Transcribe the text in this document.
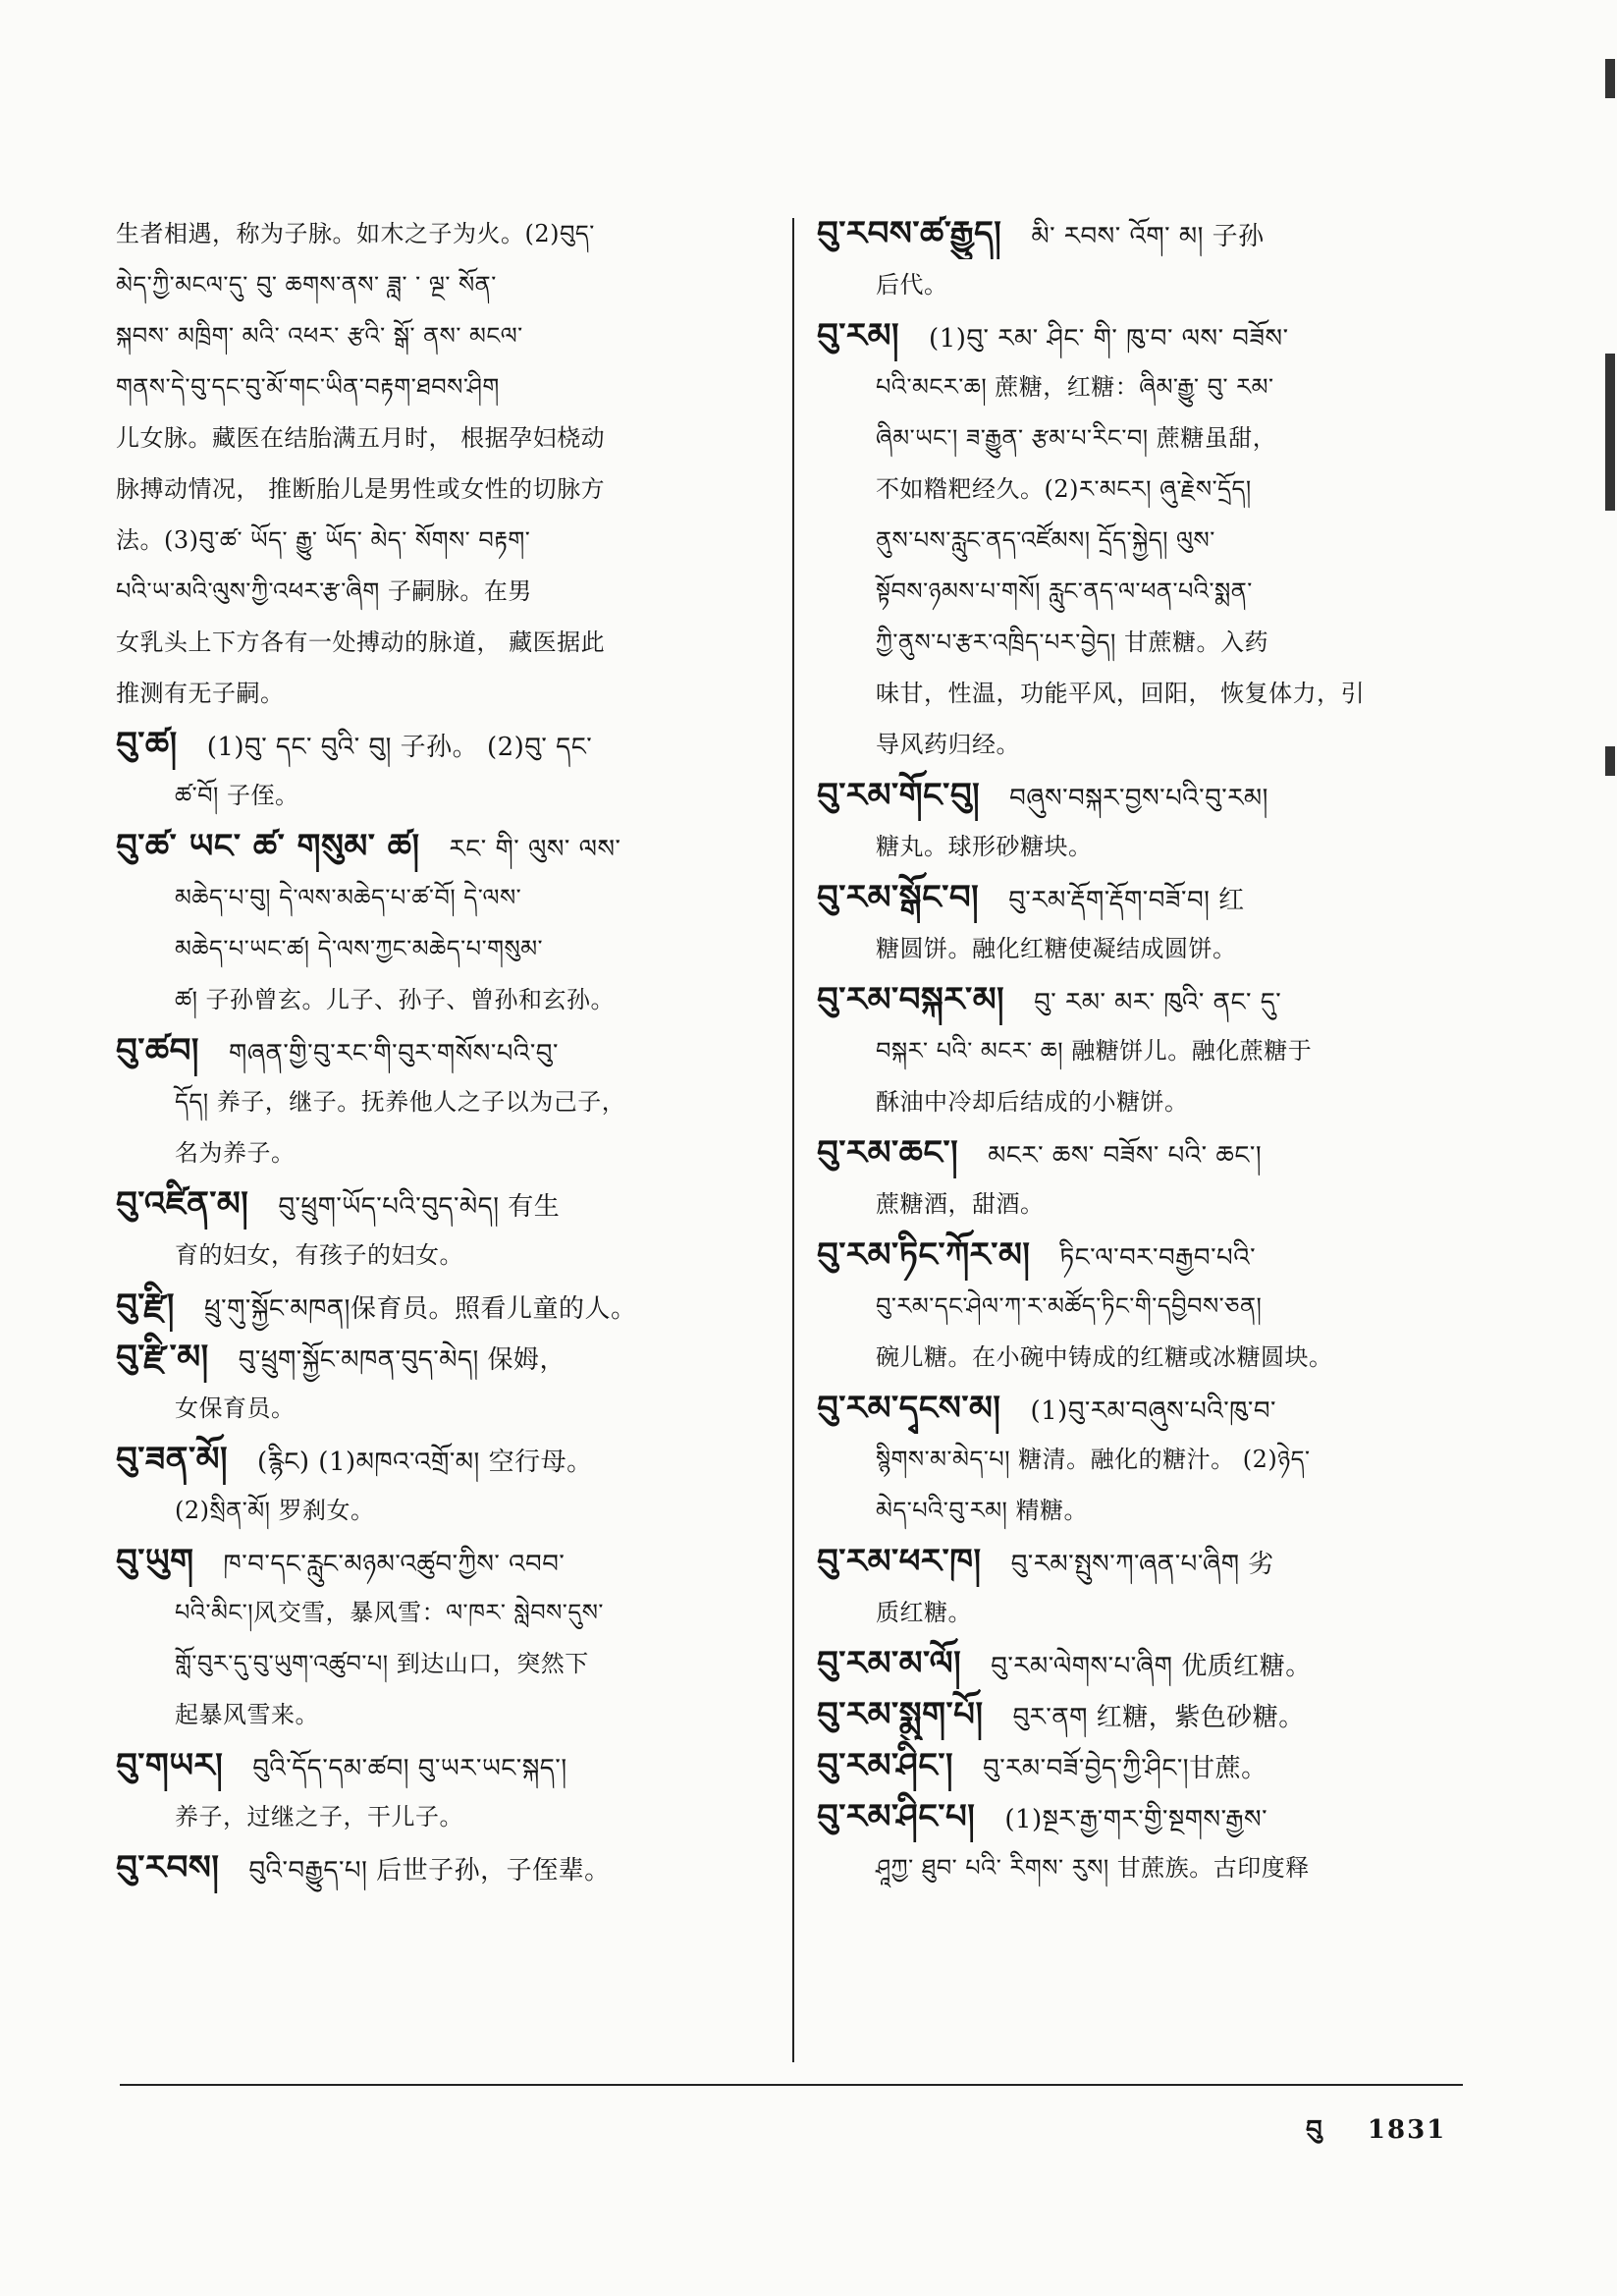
生者相遇，称为子脉。如木之子为火。(2)བུད་
མེད་ཀྱི་མངལ་དུ་ བུ་ ཆགས་ནས་ ཟླ་ ་ ལྔ་ སོན་
སྐབས་ མཁྲིག་ མའི་ འཕར་ རྩའི་ སྒོ་ ནས་ མངལ་
གནས་དེ་བུ་དང་བུ་མོ་གང་ཡིན་བརྟག་ཐབས་ཤིག
儿女脉。藏医在结胎满五月时， 根据孕妇桡动
脉搏动情况， 推断胎儿是男性或女性的切脉方
法。(3)བུ་ཚ་ ཡོད་ རྒྱུ་ ཡོད་ མེད་ སོགས་ བརྟག་
པའི་ཡ་མའི་ལུས་ཀྱི་འཕར་རྩ་ཞིག 子嗣脉。在男
女乳头上下方各有一处搏动的脉道， 藏医据此
推测有无子嗣。
བུ་ཚ། (1)བུ་ དང་ བུའི་ བུ། 子孙。 (2)བུ་ དང་
ཚ་བོ། 子侄。
བུ་ཚ་ ཡང་ ཚ་ གསུམ་ ཚ། རང་ གི་ ལུས་ ལས་
མཆེད་པ་བུ། དེ་ལས་མཆེད་པ་ཚ་བོ། དེ་ལས་
མཆེད་པ་ཡང་ཚ། དེ་ལས་ཀྱང་མཆེད་པ་གསུམ་
ཚ། 子孙曾玄。儿子、孙子、曾孙和玄孙。
བུ་ཚབ། གཞན་གྱི་བུ་རང་གི་བུར་གསོས་པའི་བུ་
དོད། 养子，继子。抚养他人之子以为己子，
名为养子。
བུ་འཛིན་མ། བུ་ཕྲུག་ཡོད་པའི་བུད་མེད། 有生
育的妇女，有孩子的妇女。
བུ་རྫི། ཕྲུ་གུ་སྐྱོང་མཁན།保育员。照看儿童的人。
བུ་རྫི་མ། བུ་ཕྲུག་སྐྱོང་མཁན་བུད་མེད། 保姆，
女保育员。
བུ་ཟན་མོ། (རྙིང) (1)མཁའ་འགྲོ་མ། 空行母。
(2)སྲིན་མོ། 罗刹女。
བུ་ཡུག ཁ་བ་དང་རླུང་མཉམ་འཚུབ་ཀྱིས་ འབབ་
པའི་མིང་།风交雪，暴风雪：ལ་ཁར་ སླེབས་དུས་
གློ་བུར་དུ་བུ་ཡུག་འཚུབ་པ། 到达山口，突然下
起暴风雪来。
བུ་གཡར། བུའི་དོད་དམ་ཚབ། བུ་ཡར་ཡང་སྐད་།
养子，过继之子，干儿子。
བུ་རབས། བུའི་བརྒྱུད་པ། 后世子孙，子侄辈。
བུ་རབས་ཚ་རྒྱུད། མི་ རབས་ འོག་ མ། 子孙
后代。
བུ་རམ། (1)བུ་ རམ་ ཤིང་ གི་ ཁུ་བ་ ལས་ བཟོས་
པའི་མངར་ཆ། 蔗糖，红糖：ཞིམ་རྒྱུ་ བུ་ རམ་
ཞིམ་ཡང་། ཟ་རྒྱུན་ རྩམ་པ་རིང་བ། 蔗糖虽甜，
不如糌粑经久。(2)ར་མངར། ཞུ་རྗེས་དྲོད།
ནུས་པས་རླུང་ནད་འཛོམས། དྲོད་སྐྱེད། ལུས་
སྟོབས་ཉམས་པ་གསོ། རླུང་ནད་ལ་ཕན་པའི་སྨན་
ཀྱི་ནུས་པ་རྩར་འཁྲིད་པར་བྱེད། 甘蔗糖。入药
味甘，性温，功能平风，回阳， 恢复体力，引
导风药归经。
བུ་རམ་གོང་བུ། བཞུས་བསྐར་བྱས་པའི་བུ་རམ།
糖丸。球形砂糖块。
བུ་རམ་སྒོང་བ། བུ་རམ་རྡོག་རྡོག་བཟོ་བ། 红
糖圆饼。融化红糖使凝结成圆饼。
བུ་རམ་བསྐར་མ། བུ་ རམ་ མར་ ཁུའི་ ནང་ དུ་
བསྐར་ པའི་ མངར་ ཆ། 融糖饼儿。融化蔗糖于
酥油中冷却后结成的小糖饼。
བུ་རམ་ཆང་། མངར་ ཆས་ བཟོས་ པའི་ ཆང་།
蔗糖酒，甜酒。
བུ་རམ་ཏིང་ཀོར་མ། ཏིང་ལ་བར་བརྒྱབ་པའི་
བུ་རམ་དང་ཤེལ་ཀ་ར་མཚོད་ཏིང་གི་དབྱིབས་ཅན།
碗儿糖。在小碗中铸成的红糖或冰糖圆块。
བུ་རམ་དྭངས་མ། (1)བུ་རམ་བཞུས་པའི་ཁུ་བ་
སྙིགས་མ་མེད་པ། 糖清。融化的糖汁。 (2)ཉེད་
མེད་པའི་བུ་རམ། 精糖。
བུ་རམ་ཕར་ཁ། བུ་རམ་སྤུས་ཀ་ཞན་པ་ཞིག 劣
质红糖。
བུ་རམ་མ་ལོ། བུ་རམ་ལེགས་པ་ཞིག 优质红糖。
བུ་རམ་སྨུག་པོ། བུར་ནག 红糖，紫色砂糖。
བུ་རམ་ཤིང་། བུ་རམ་བཟོ་བྱེད་ཀྱི་ཤིང་།甘蔗。
བུ་རམ་ཤིང་པ། (1)སྔར་རྒྱ་གར་གྱི་སྔགས་རྒྱས་
ཤཱཀྱ་ ཐུབ་ པའི་ རིགས་ རུས། 甘蔗族。古印度释
བུ 1831
